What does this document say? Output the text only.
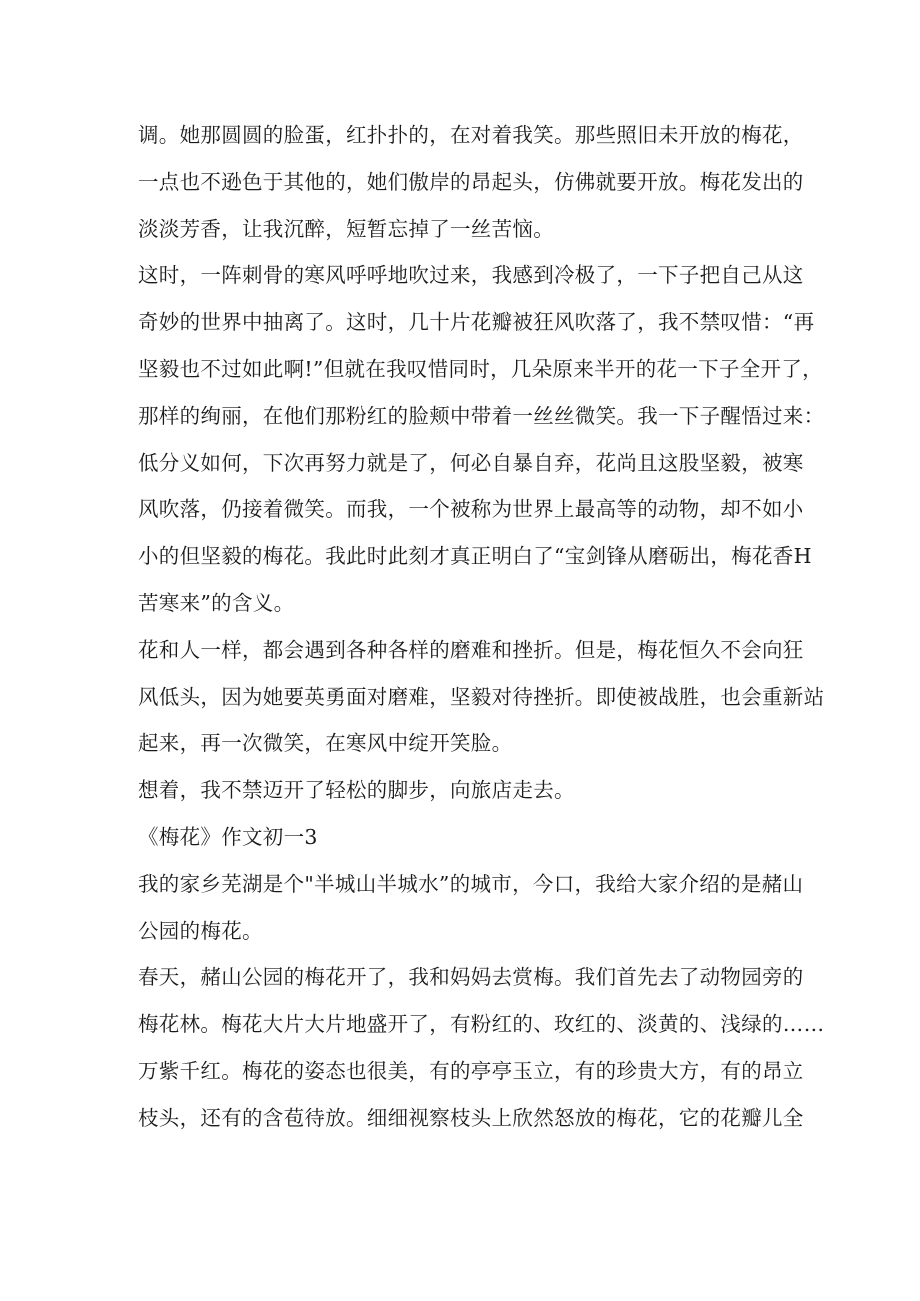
调。她那圆圆的脸蛋，红扑扑的，在对着我笑。那些照旧未开放的梅花，
一点也不逊色于其他的，她们傲岸的昂起头，仿佛就要开放。梅花发出的
淡淡芳香，让我沉醉，短暂忘掉了一丝苦恼。
这时，一阵刺骨的寒风呼呼地吹过来，我感到冷极了，一下子把自己从这
奇妙的世界中抽离了。这时，几十片花瓣被狂风吹落了，我不禁叹惜：“再
坚毅也不过如此啊!”但就在我叹惜同时，几朵原来半开的花一下子全开了，
那样的绚丽，在他们那粉红的脸颊中带着一丝丝微笑。我一下子醒悟过来：
低分义如何，下次再努力就是了，何必自暴自弃，花尚且这股坚毅，被寒
风吹落，仍接着微笑。而我，一个被称为世界上最高等的动物，却不如小
小的但坚毅的梅花。我此时此刻才真正明白了“宝剑锋从磨砺出，梅花香H
苦寒来”的含义。
花和人一样，都会遇到各种各样的磨难和挫折。但是，梅花恒久不会向狂
风低头，因为她要英勇面对磨难，坚毅对待挫折。即使被战胜，也会重新站
起来，再一次微笑，在寒风中绽开笑脸。
想着，我不禁迈开了轻松的脚步，向旅店走去。
《梅花》作文初一3
我的家乡芜湖是个"半城山半城水”的城市，今口，我给大家介绍的是赭山
公园的梅花。
春天，赭山公园的梅花开了，我和妈妈去赏梅。我们首先去了动物园旁的
梅花林。梅花大片大片地盛开了，有粉红的、玫红的、淡黄的、浅绿的……
万紫千红。梅花的姿态也很美，有的亭亭玉立，有的珍贵大方，有的昂立
枝头，还有的含苞待放。细细视察枝头上欣然怒放的梅花，它的花瓣儿全
